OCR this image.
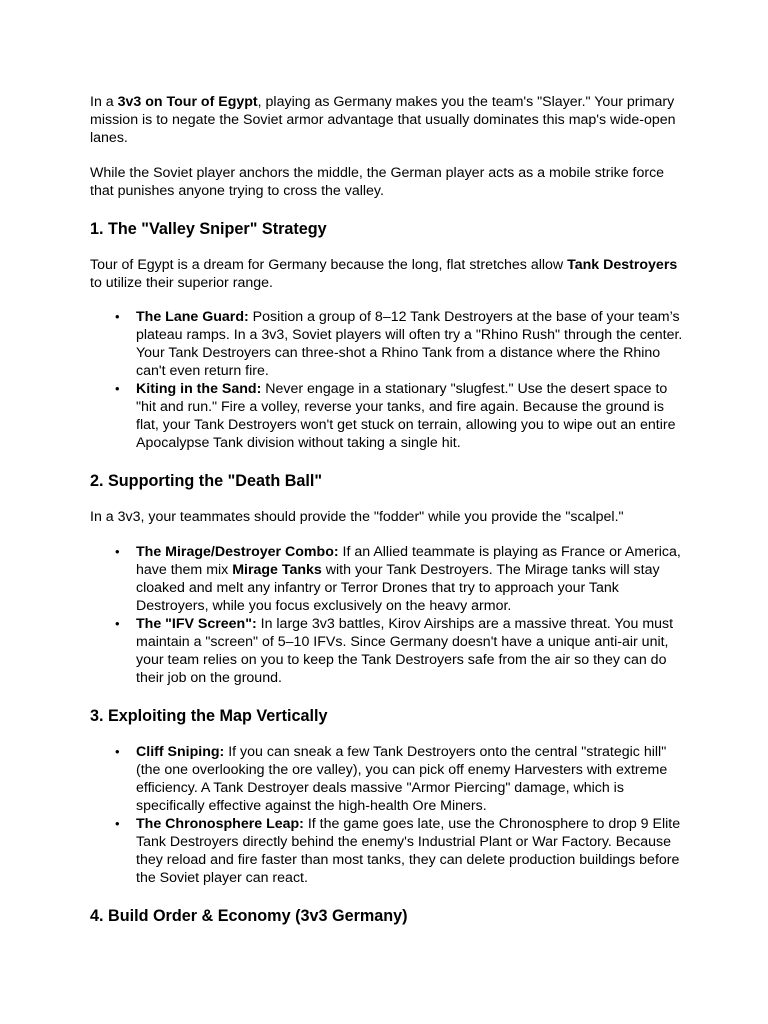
In a 3v3 on Tour of Egypt, playing as Germany makes you the team's "Slayer." Your primary mission is to negate the Soviet armor advantage that usually dominates this map's wide-open lanes.

While the Soviet player anchors the middle, the German player acts as a mobile strike force that punishes anyone trying to cross the valley.

1. The "Valley Sniper" Strategy

Tour of Egypt is a dream for Germany because the long, flat stretches allow Tank Destroyers to utilize their superior range.

• The Lane Guard: Position a group of 8–12 Tank Destroyers at the base of your team’s plateau ramps. In a 3v3, Soviet players will often try a "Rhino Rush" through the center. Your Tank Destroyers can three-shot a Rhino Tank from a distance where the Rhino can't even return fire.
• Kiting in the Sand: Never engage in a stationary "slugfest." Use the desert space to "hit and run." Fire a volley, reverse your tanks, and fire again. Because the ground is flat, your Tank Destroyers won't get stuck on terrain, allowing you to wipe out an entire Apocalypse Tank division without taking a single hit.
2. Supporting the "Death Ball"

In a 3v3, your teammates should provide the "fodder" while you provide the "scalpel."

• The Mirage/Destroyer Combo: If an Allied teammate is playing as France or America, have them mix Mirage Tanks with your Tank Destroyers. The Mirage tanks will stay cloaked and melt any infantry or Terror Drones that try to approach your Tank Destroyers, while you focus exclusively on the heavy armor.
• The "IFV Screen": In large 3v3 battles, Kirov Airships are a massive threat. You must maintain a "screen" of 5–10 IFVs. Since Germany doesn't have a unique anti-air unit, your team relies on you to keep the Tank Destroyers safe from the air so they can do their job on the ground.
3. Exploiting the Map Vertically
• Cliff Sniping: If you can sneak a few Tank Destroyers onto the central "strategic hill" (the one overlooking the ore valley), you can pick off enemy Harvesters with extreme efficiency. A Tank Destroyer deals massive "Armor Piercing" damage, which is specifically effective against the high-health Ore Miners.
• The Chronosphere Leap: If the game goes late, use the Chronosphere to drop 9 Elite Tank Destroyers directly behind the enemy's Industrial Plant or War Factory. Because they reload and fire faster than most tanks, they can delete production buildings before the Soviet player can react.
4. Build Order & Economy (3v3 Germany)
